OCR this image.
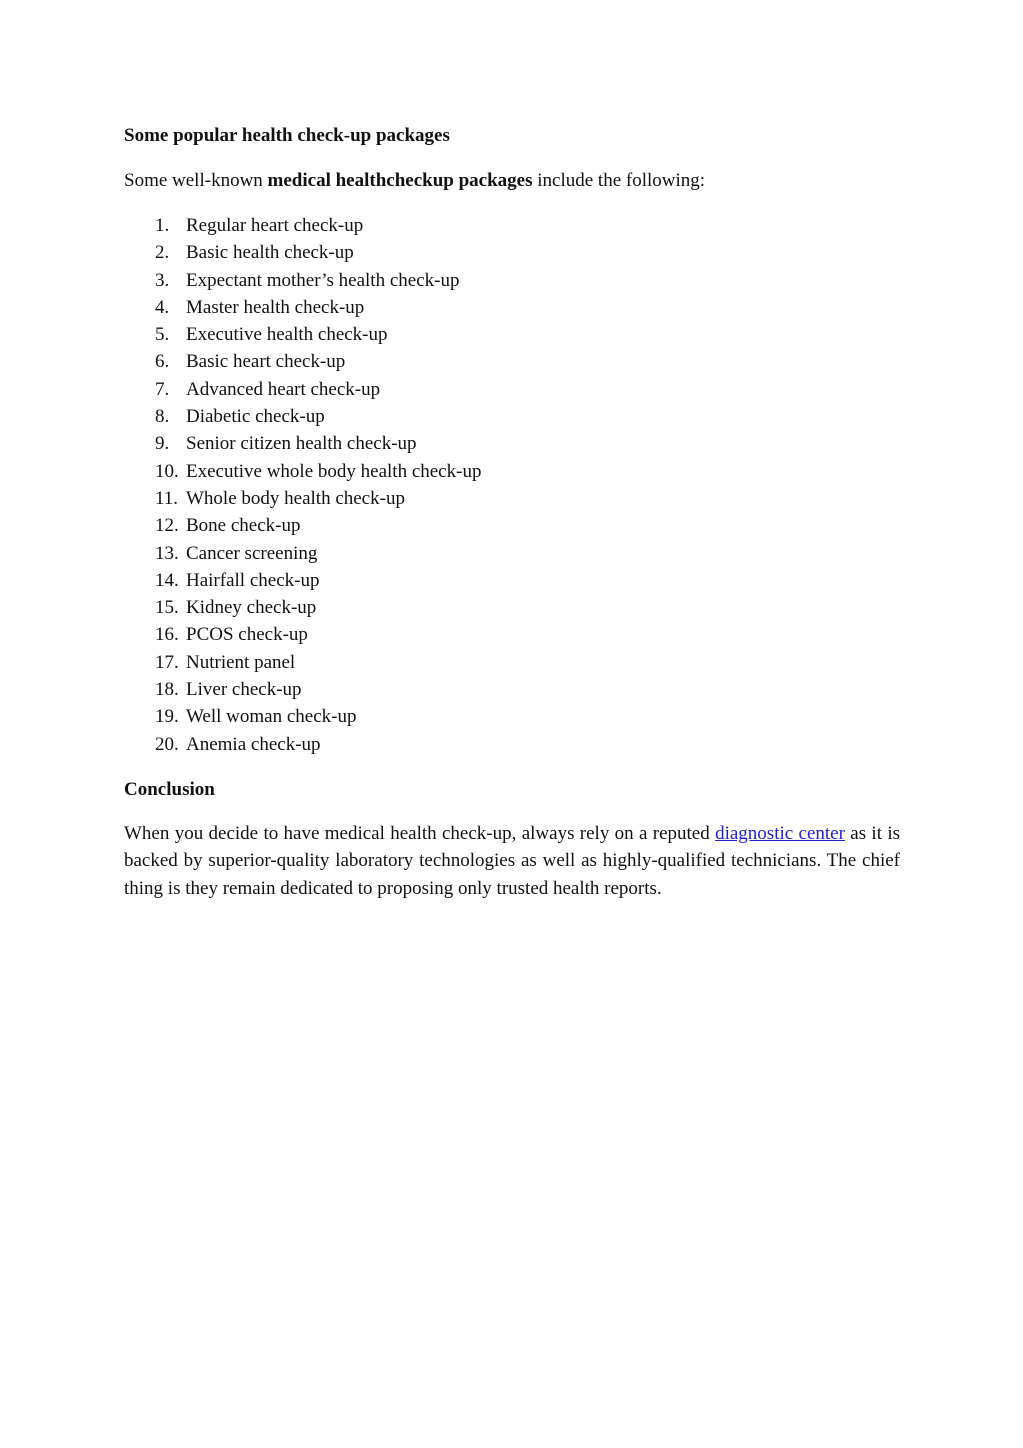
Some popular health check-up packages

Some well-known medical healthcheckup packages include the following:

1. Regular heart check-up
2. Basic health check-up
3. Expectant mother’s health check-up
4. Master health check-up
5. Executive health check-up
6. Basic heart check-up
7. Advanced heart check-up
8. Diabetic check-up
9. Senior citizen health check-up
10. Executive whole body health check-up
11. Whole body health check-up
12. Bone check-up
13. Cancer screening
14. Hairfall check-up
15. Kidney check-up
16. PCOS check-up
17. Nutrient panel
18. Liver check-up
19. Well woman check-up
20. Anemia check-up

Conclusion

When you decide to have medical health check-up, always rely on a reputed diagnostic center as it is backed by superior-quality laboratory technologies as well as highly-qualified technicians. The chief thing is they remain dedicated to proposing only trusted health reports.
